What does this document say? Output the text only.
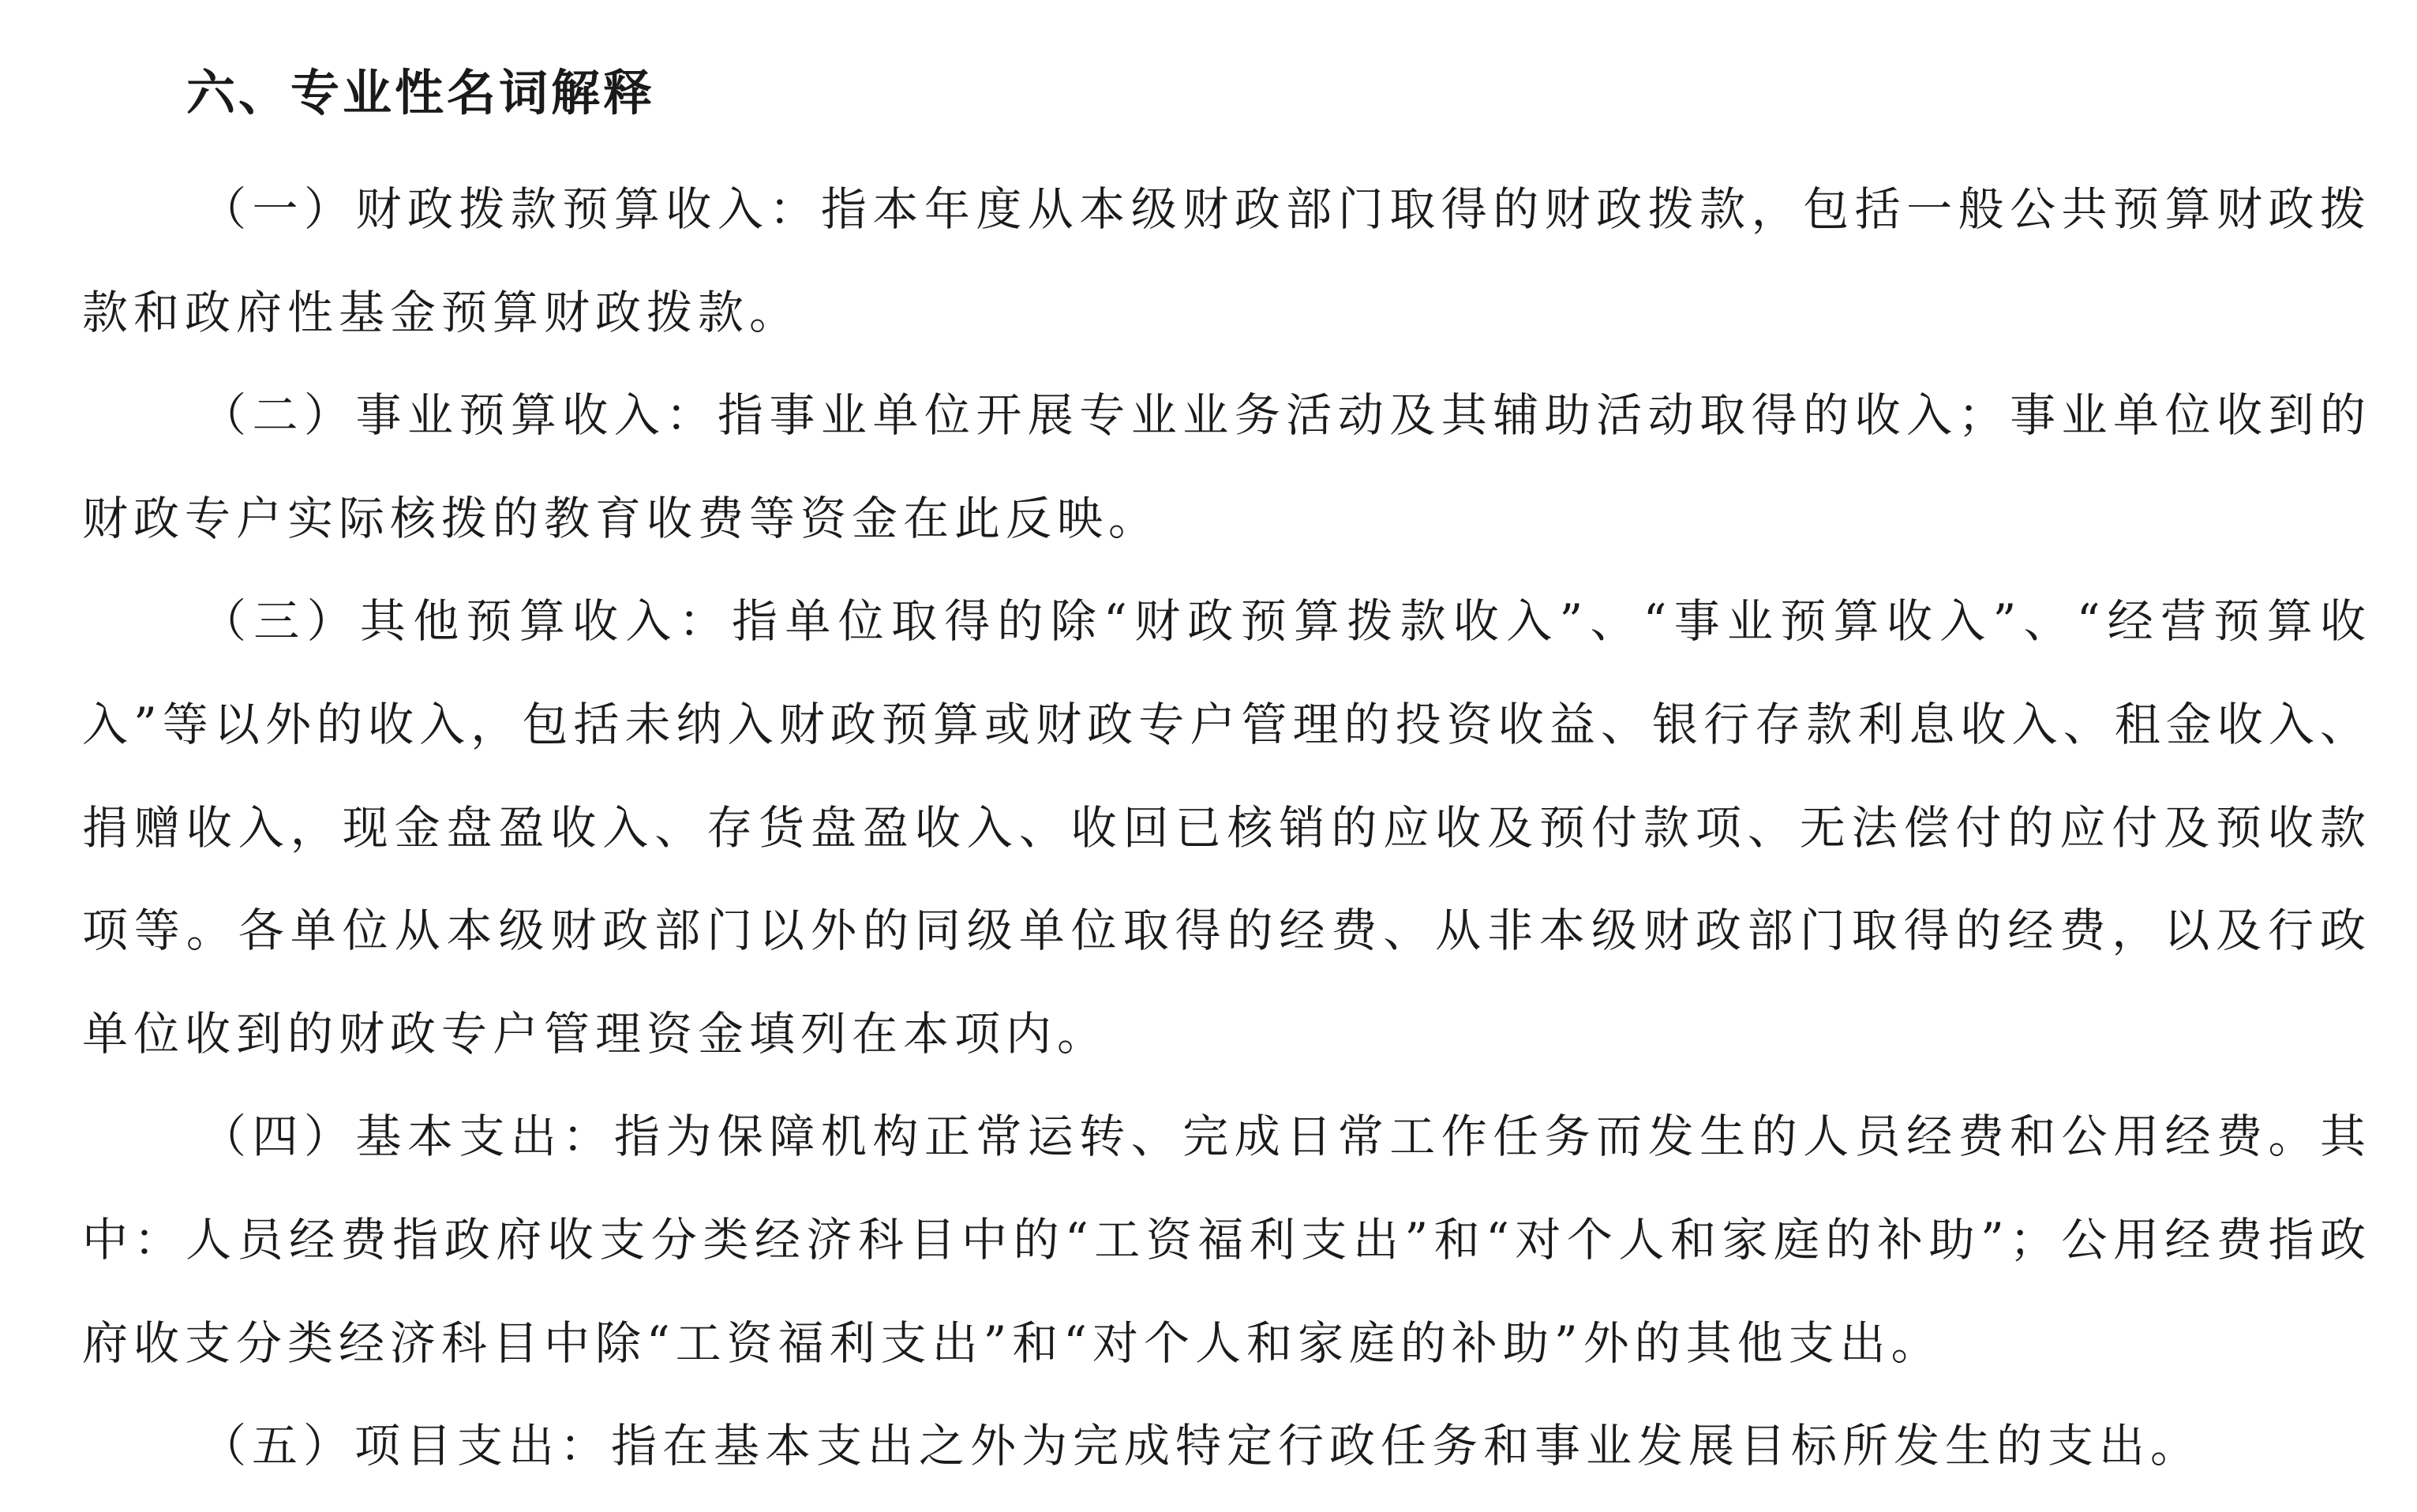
六、专业性名词解释

（一）财政拨款预算收入：指本年度从本级财政部门取得的财政拨款，包括一般公共预算财政拨款和政府性基金预算财政拨款。

（二）事业预算收入：指事业单位开展专业业务活动及其辅助活动取得的收入；事业单位收到的财政专户实际核拨的教育收费等资金在此反映。

（三）其他预算收入：指单位取得的除“财政预算拨款收入”、“事业预算收入”、“经营预算收入”等以外的收入，包括未纳入财政预算或财政专户管理的投资收益、银行存款利息收入、租金收入、捐赠收入，现金盘盈收入、存货盘盈收入、收回已核销的应收及预付款项、无法偿付的应付及预收款项等。各单位从本级财政部门以外的同级单位取得的经费、从非本级财政部门取得的经费，以及行政单位收到的财政专户管理资金填列在本项内。

（四）基本支出：指为保障机构正常运转、完成日常工作任务而发生的人员经费和公用经费。其中：人员经费指政府收支分类经济科目中的“工资福利支出”和“对个人和家庭的补助”；公用经费指政府收支分类经济科目中除“工资福利支出”和“对个人和家庭的补助”外的其他支出。

（五）项目支出：指在基本支出之外为完成特定行政任务和事业发展目标所发生的支出。
